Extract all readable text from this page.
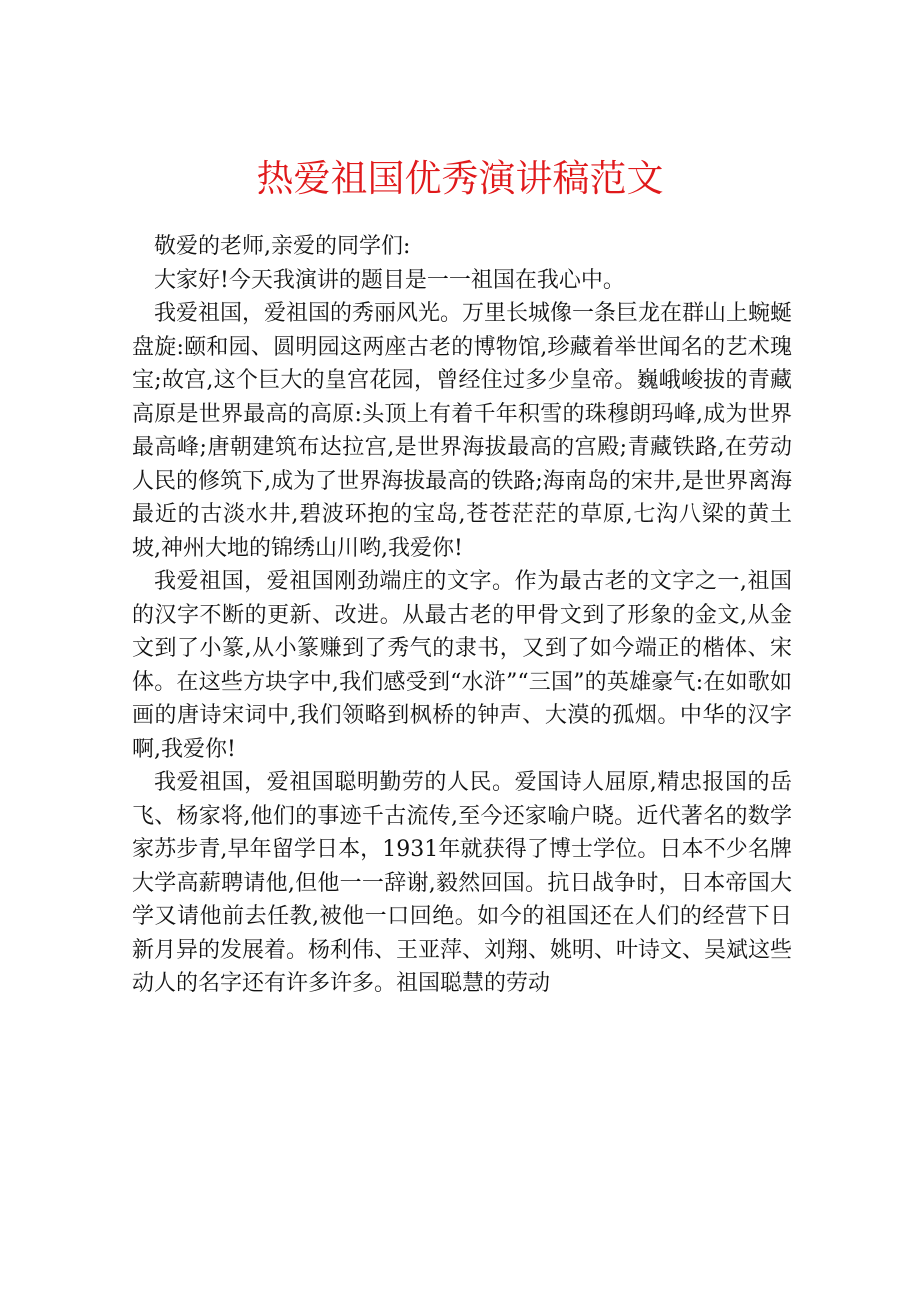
热爱祖国优秀演讲稿范文

敬爱的老师,亲爱的同学们:

大家好!今天我演讲的题目是一一祖国在我心中。

我爱祖国，爱祖国的秀丽风光。万里长城像一条巨龙在群山上蜿蜒盘旋:颐和园、圆明园这两座古老的博物馆,珍藏着举世闻名的艺术瑰宝;故宫,这个巨大的皇宫花园，曾经住过多少皇帝。巍峨峻拔的青藏高原是世界最高的高原:头顶上有着千年积雪的珠穆朗玛峰,成为世界最高峰;唐朝建筑布达拉宫,是世界海拔最高的宫殿;青藏铁路,在劳动人民的修筑下,成为了世界海拔最高的铁路;海南岛的宋井,是世界离海最近的古淡水井,碧波环抱的宝岛,苍苍茫茫的草原,七沟八梁的黄土坡,神州大地的锦绣山川哟,我爱你!

我爱祖国，爱祖国刚劲端庄的文字。作为最古老的文字之一,祖国的汉字不断的更新、改进。从最古老的甲骨文到了形象的金文,从金文到了小篆,从小篆赚到了秀气的隶书，又到了如今端正的楷体、宋体。在这些方块字中,我们感受到“水浒”“三国”的英雄豪气:在如歌如画的唐诗宋词中,我们领略到枫桥的钟声、大漠的孤烟。中华的汉字啊,我爱你!

我爱祖国，爱祖国聪明勤劳的人民。爱国诗人屈原,精忠报国的岳飞、杨家将,他们的事迹千古流传,至今还家喻户晓。近代著名的数学家苏步青,早年留学日本，1931年就获得了博士学位。日本不少名牌大学高薪聘请他,但他一一辞谢,毅然回国。抗日战争时，日本帝国大学又请他前去任教,被他一口回绝。如今的祖国还在人们的经营下日新月异的发展着。杨利伟、王亚萍、刘翔、姚明、叶诗文、吴斌这些动人的名字还有许多许多。祖国聪慧的劳动
